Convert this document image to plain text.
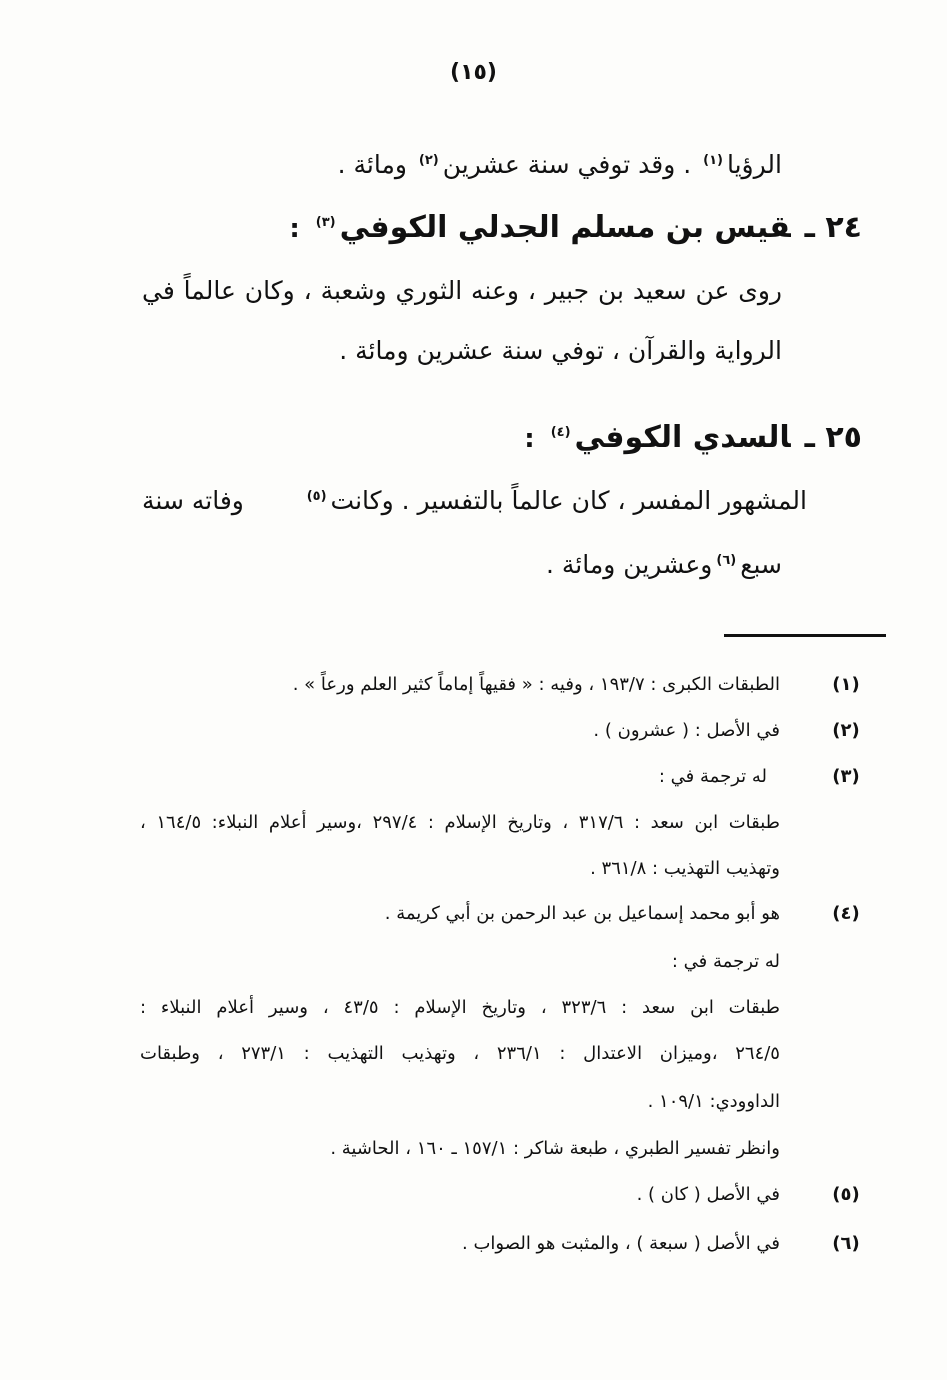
(١٥)
الرؤيا$^{(١)}$ . وقد توفي سنة عشرين$^{(٢)}$ ومائة .
٢٤ ـقيس بن مسلم الجدلي الكوفي$^{(٣)}$:
روى عن سعيد بن جبير ، وعنه الثوري وشعبة ، وكان عالماً في
الرواية والقرآن ، توفي سنة عشرين ومائة .
٢٥ ـالسدي الكوفي$^{(٤)}$:
المشهور المفسر ، كان عالماً بالتفسير . وكانت$^{(٥)}$
وفاته سنة
سبع$^{(٦)}$وعشرين ومائة .
(١)
الطبقات الكبرى : ١٩٣/٧ ، وفيه : « فقيهاً إماماً كثير العلم ورعاً » .
(٢)
في الأصل : ( عشرون ) .
(٣)
له ترجمة في :
طبقات ابن سعد : ٣١٧/٦ ، وتاريخ الإسلام : ٢٩٧/٤ ،وسير أعلام النبلاء: ١٦٤/٥ ،
وتهذيب التهذيب : ٣٦١/٨ .
(٤)
هو أبو محمد إسماعيل بن عبد الرحمن بن أبي كريمة .
له ترجمة في :
طبقات ابن سعد : ٣٢٣/٦ ، وتاريخ الإسلام : ٤٣/٥ ، وسير أعلام النبلاء :
٢٦٤/٥ ،وميزان الاعتدال : ٢٣٦/١ ، وتهذيب التهذيب : ٢٧٣/١ ، وطبقات
الداوودي: ١٠٩/١ .
وانظر تفسير الطبري ، طبعة شاكر : ١٥٧/١ ـ ١٦٠ ، الحاشية .
(٥)
في الأصل ( كان ) .
(٦)
في الأصل ( سبعة ) ، والمثبت هو الصواب .
